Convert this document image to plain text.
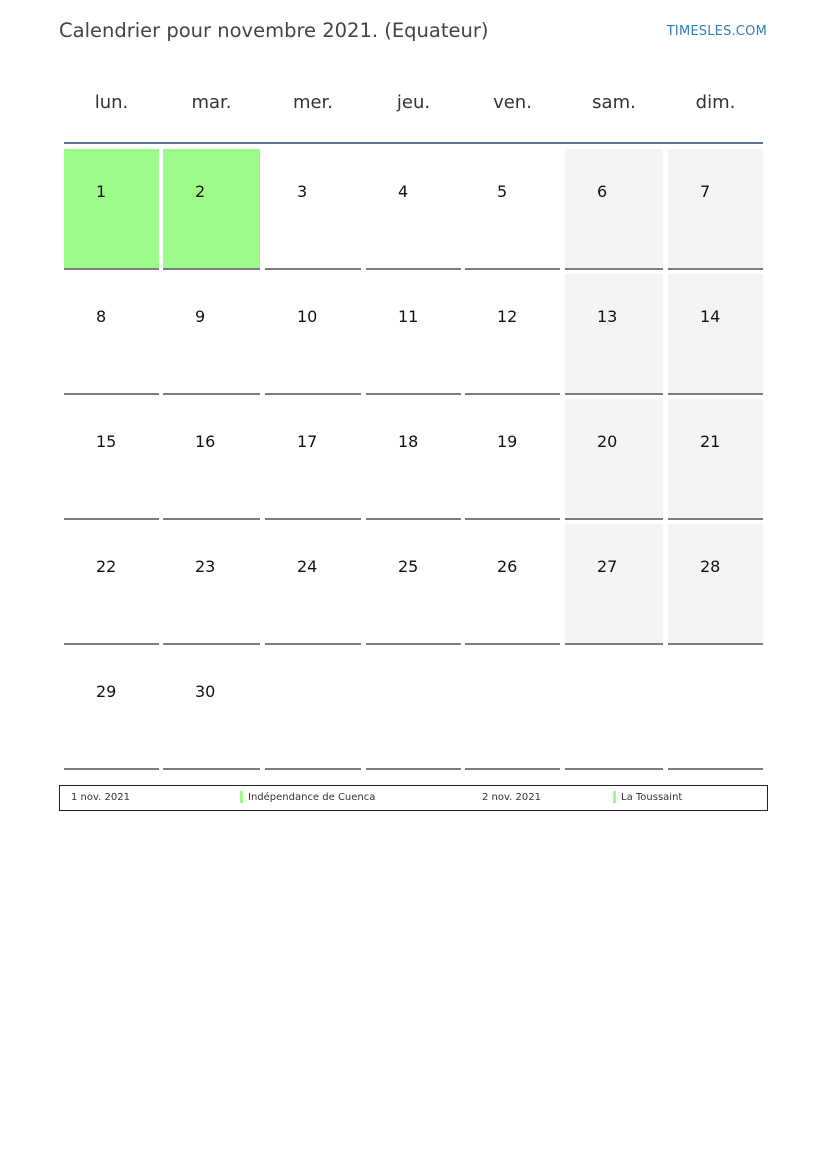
Calendrier pour novembre 2021. (Equateur)	TIMESLES.COM
lun.	mar.	mer.	jeu.	ven.	sam.	dim.
1	2	3	4	5	6	7
8	9	10	11	12	13	14
15	16	17	18	19	20	21
22	23	24	25	26	27	28
29	30
1 nov. 2021	Indépendance de Cuenca	2 nov. 2021	La Toussaint
